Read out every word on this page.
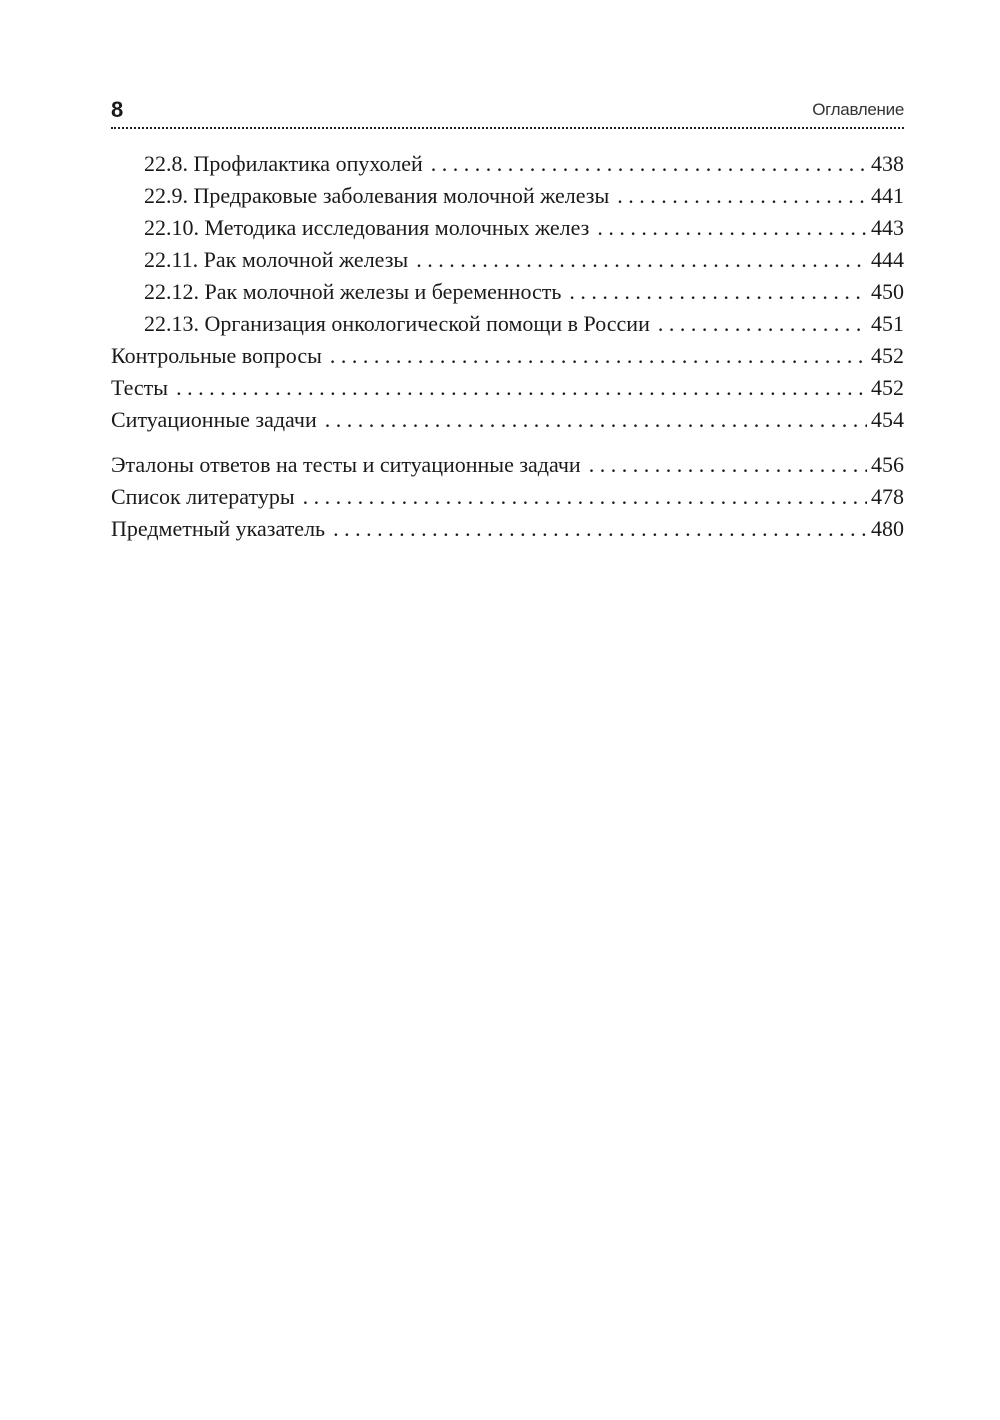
8	Оглавление
22.8. Профилактика опухолей . . .	438
22.9. Предраковые заболевания молочной железы . . .	441
22.10. Методика исследования молочных желез . . .	443
22.11. Рак молочной железы . . .	444
22.12. Рак молочной железы и беременность . . .	450
22.13. Организация онкологической помощи в России . . .	451
Контрольные вопросы . . .	452
Тесты . . .	452
Ситуационные задачи . . .	454
Эталоны ответов на тесты и ситуационные задачи . . .	456
Список литературы . . .	478
Предметный указатель . . .	480
